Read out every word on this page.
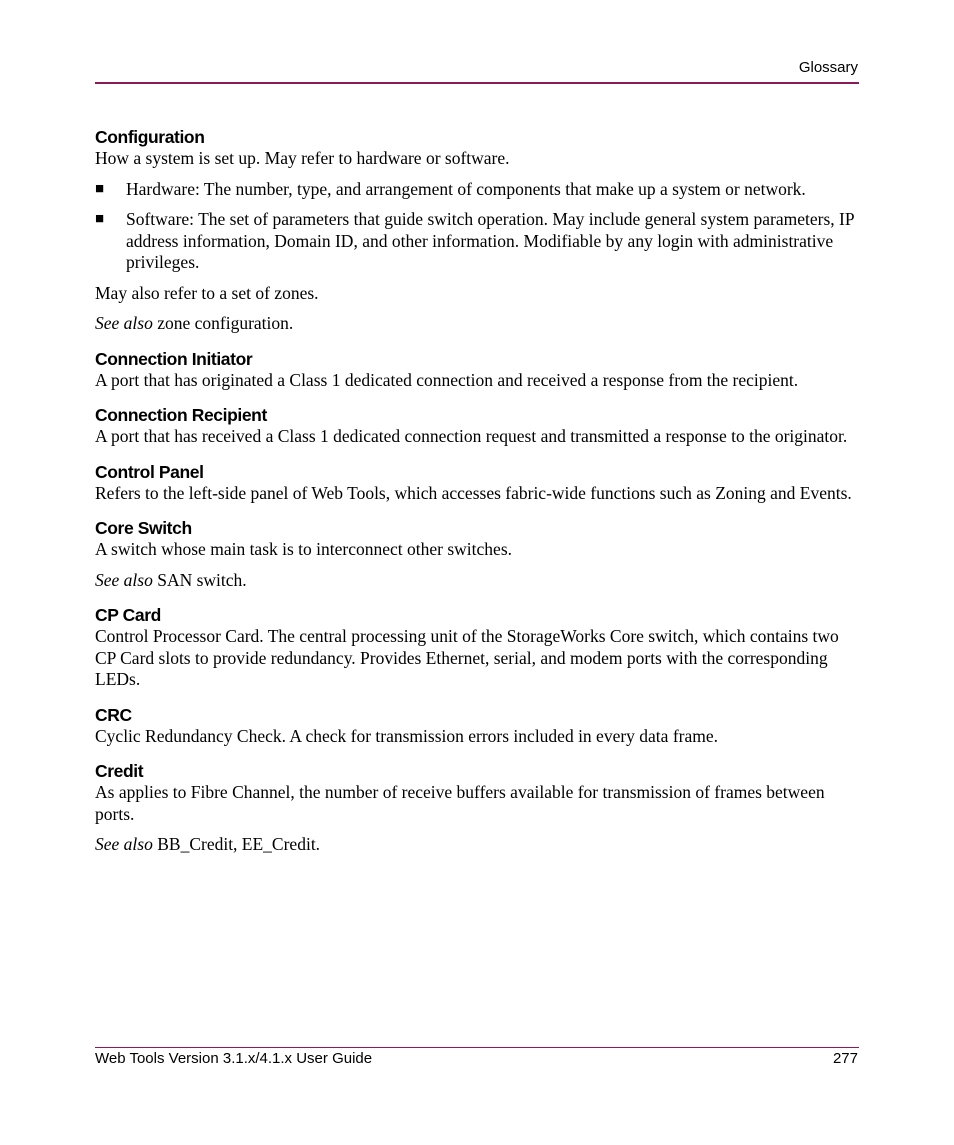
Glossary
Configuration
How a system is set up. May refer to hardware or software.
■ Hardware: The number, type, and arrangement of components that make up a system or network.
■ Software: The set of parameters that guide switch operation. May include general system parameters, IP address information, Domain ID, and other information. Modifiable by any login with administrative privileges.
May also refer to a set of zones.
See also zone configuration.
Connection Initiator
A port that has originated a Class 1 dedicated connection and received a response from the recipient.
Connection Recipient
A port that has received a Class 1 dedicated connection request and transmitted a response to the originator.
Control Panel
Refers to the left-side panel of Web Tools, which accesses fabric-wide functions such as Zoning and Events.
Core Switch
A switch whose main task is to interconnect other switches.
See also SAN switch.
CP Card
Control Processor Card. The central processing unit of the StorageWorks Core switch, which contains two CP Card slots to provide redundancy. Provides Ethernet, serial, and modem ports with the corresponding LEDs.
CRC
Cyclic Redundancy Check. A check for transmission errors included in every data frame.
Credit
As applies to Fibre Channel, the number of receive buffers available for transmission of frames between ports.
See also BB_Credit, EE_Credit.
Web Tools Version 3.1.x/4.1.x User Guide	277
